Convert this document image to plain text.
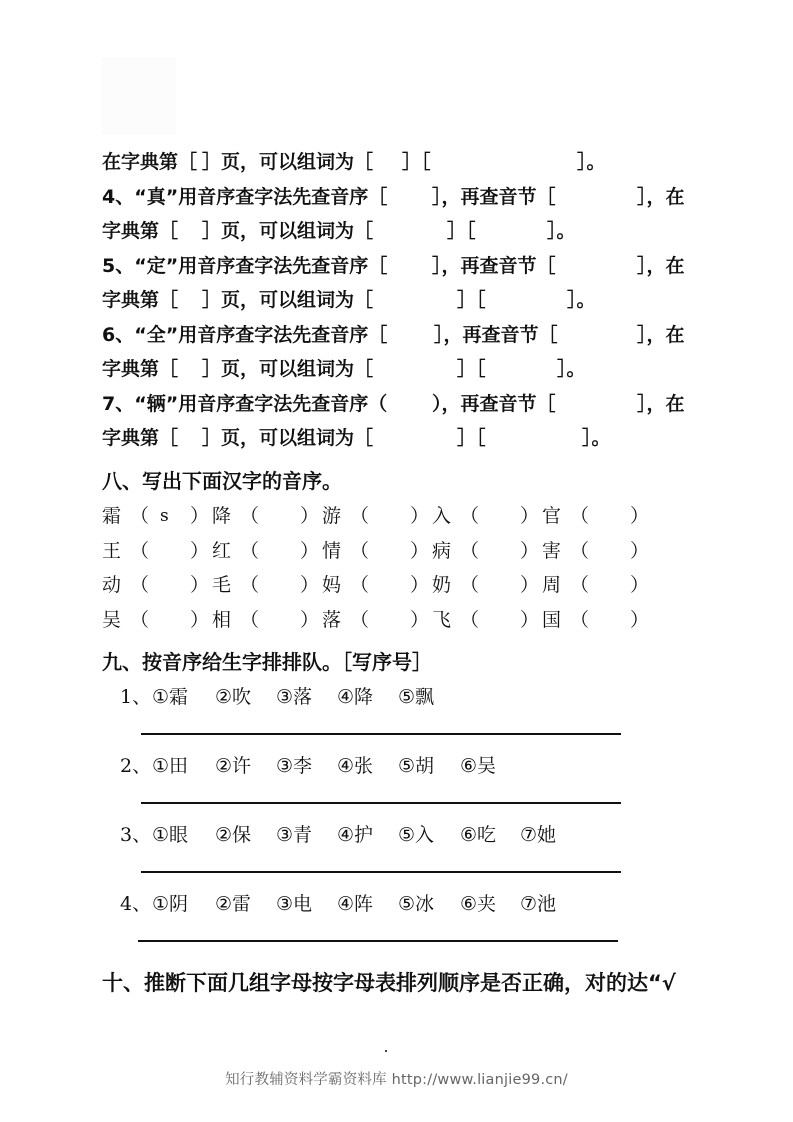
在字典第［ ］页，可以组词为［ ］［	］。
4、“真”用音序查字法先查音序［ ］，再查音节［	］，在
字典第［ ］页，可以组词为［	］［	］。
5、“定”用音序查字法先查音序［ ］，再查音节［	］，在
字典第［ ］页，可以组词为［	］［	］。
6、“全”用音序查字法先查音序［ ］，再查音节［	］，在
字典第［ ］页，可以组词为［	］［	］。
7、“辆”用音序查字法先查音序（ ），再查音节［	］，在
字典第［ ］页，可以组词为［	］［	］。
八、写出下面汉字的音序。
霜 （ s ） 降 （ ） 游 （ ） 入 （ ） 官 （ ）
王 （ ） 红 （ ） 情 （ ） 病 （ ） 害 （ ）
动 （ ） 毛 （ ） 妈 （ ） 奶 （ ） 周 （ ）
吴 （ ） 相 （ ） 落 （ ） 飞 （ ） 国 （ ）
九、按音序给生字排排队。［写序号］
1、 ①霜 ②吹 ③落 ④降 ⑤飘
2、 ①田 ②许 ③李 ④张 ⑤胡 ⑥吴
3、 ①眼 ②保 ③青 ④护 ⑤入 ⑥吃 ⑦她
4、 ①阴 ②雷 ③电 ④阵 ⑤冰 ⑥夹 ⑦池
十、推断下面几组字母按字母表排列顺序是否正确，对的达“√
知行教辅资料学霸资料库 http://www.lianjie99.cn/
